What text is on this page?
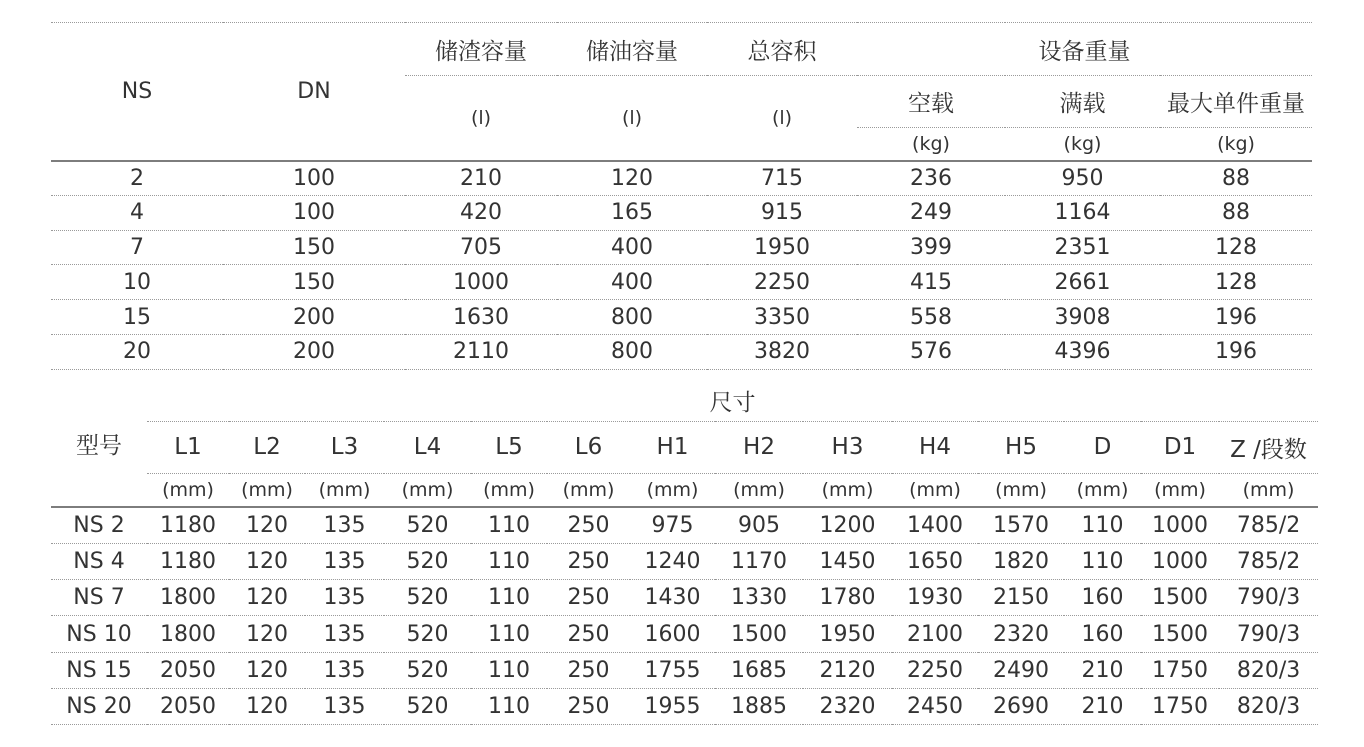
NS	DN	储渣容量	储油容量	总容积	设备重量		
		(l)	(l)	(l)	空载	满载	最大单件重量
					(kg)	(kg)	(kg)
2	100	210	120	715	236	950	88
4	100	420	165	915	249	1164	88
7	150	705	400	1950	399	2351	128
10	150	1000	400	2250	415	2661	128
15	200	1630	800	3350	558	3908	196
20	200	2110	800	3820	576	4396	196
型号	尺寸													
	L1	L2	L3	L4	L5	L6	H1	H2	H3	H4	H5	D	D1	Z /段数
	(mm)	(mm)	(mm)	(mm)	(mm)	(mm)	(mm)	(mm)	(mm)	(mm)	(mm)	(mm)	(mm)	(mm)
NS 2	1180	120	135	520	110	250	975	905	1200	1400	1570	110	1000	785/2
NS 4	1180	120	135	520	110	250	1240	1170	1450	1650	1820	110	1000	785/2
NS 7	1800	120	135	520	110	250	1430	1330	1780	1930	2150	160	1500	790/3
NS 10	1800	120	135	520	110	250	1600	1500	1950	2100	2320	160	1500	790/3
NS 15	2050	120	135	520	110	250	1755	1685	2120	2250	2490	210	1750	820/3
NS 20	2050	120	135	520	110	250	1955	1885	2320	2450	2690	210	1750	820/3
